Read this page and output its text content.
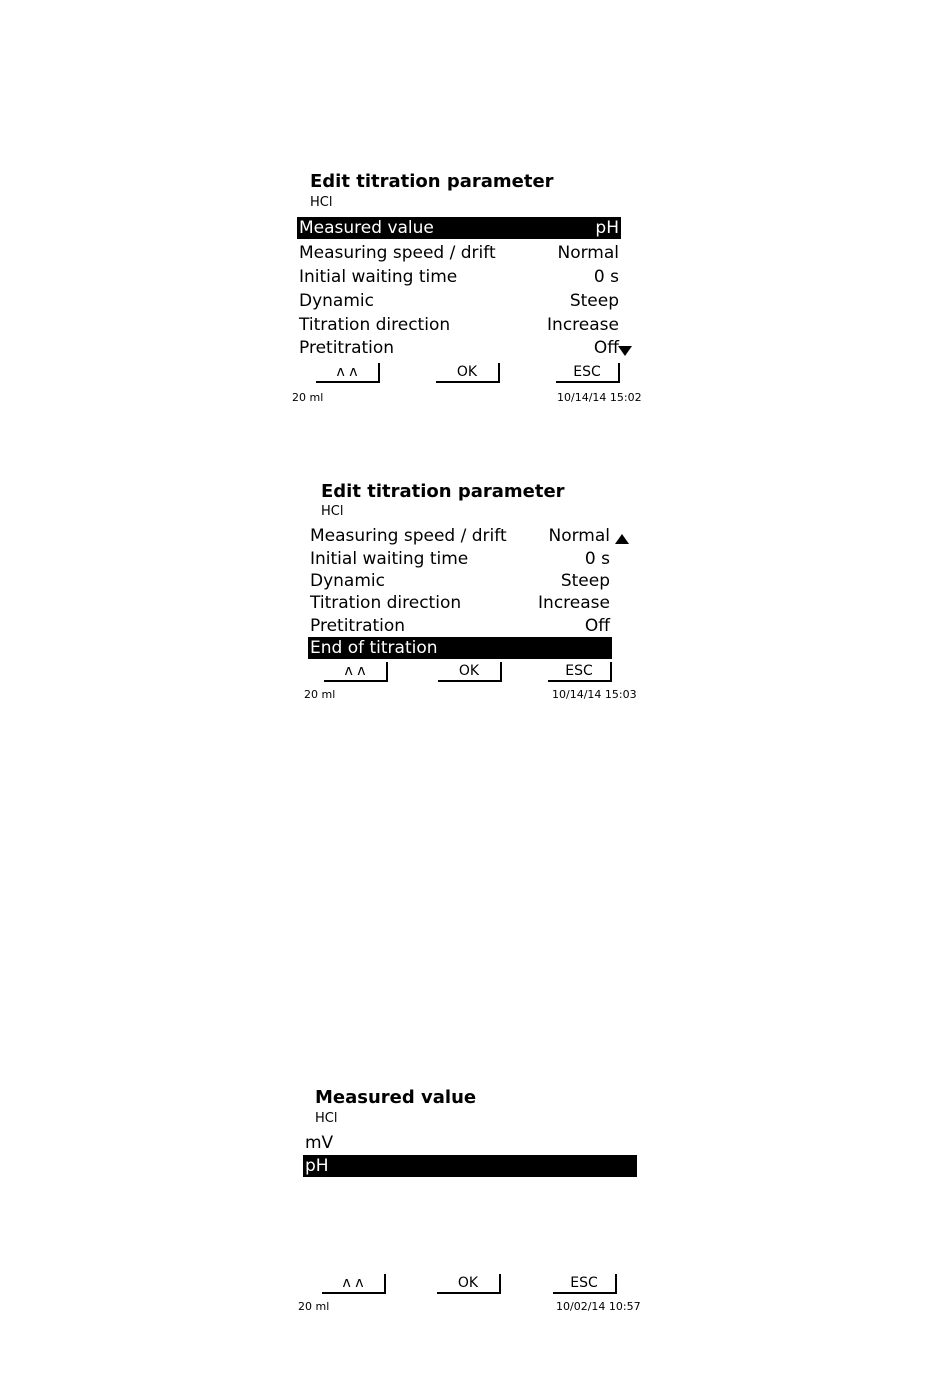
Edit titration parameter
HCl
Measured value	pH
Measuring speed / drift	Normal
Initial waiting time	0 s
Dynamic	Steep
Titration direction	Increase
Pretitration	Off
ʌ ʌ	OK	ESC
20 ml	10/14/14 15:02
Edit titration parameter
HCl
Measuring speed / drift Normal
Initial waiting time	0 s
Dynamic	Steep
Titration direction	Increase
Pretitration	Off
End of titration
ʌ ʌ	OK	ESC
20 ml	10/14/14 15:03
Measured value
HCl
mV
pH
ʌ ʌ	OK	ESC
20 ml	10/02/14 10:57
